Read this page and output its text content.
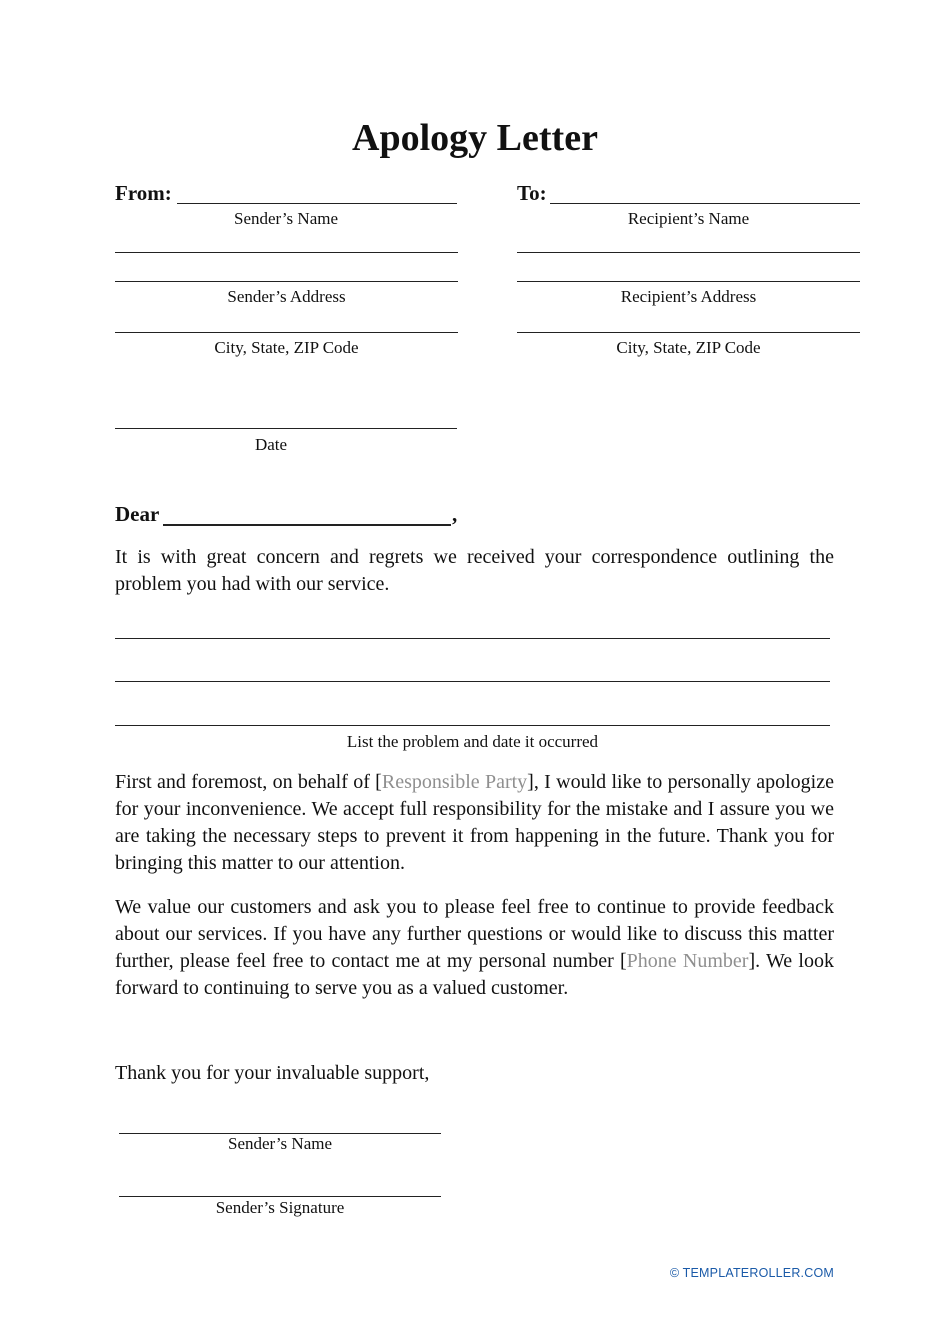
Apology Letter
From:
Sender’s Name
Sender’s Address
City, State, ZIP Code
To:
Recipient’s Name
Recipient’s Address
City, State, ZIP Code
Date
Dear	,
It is with great concern and regrets we received your correspondence outlining the problem you had with our service.
List the problem and date it occurred
First and foremost, on behalf of [Responsible Party], I would like to personally apologize for your inconvenience. We accept full responsibility for the mistake and I assure you we are taking the necessary steps to prevent it from happening in the future. Thank you for bringing this matter to our attention.
We value our customers and ask you to please feel free to continue to provide feedback about our services. If you have any further questions or would like to discuss this matter further, please feel free to contact me at my personal number [Phone Number]. We look forward to continuing to serve you as a valued customer.
Thank you for your invaluable support,
Sender’s Name
Sender’s Signature
© TEMPLATEROLLER.COM
